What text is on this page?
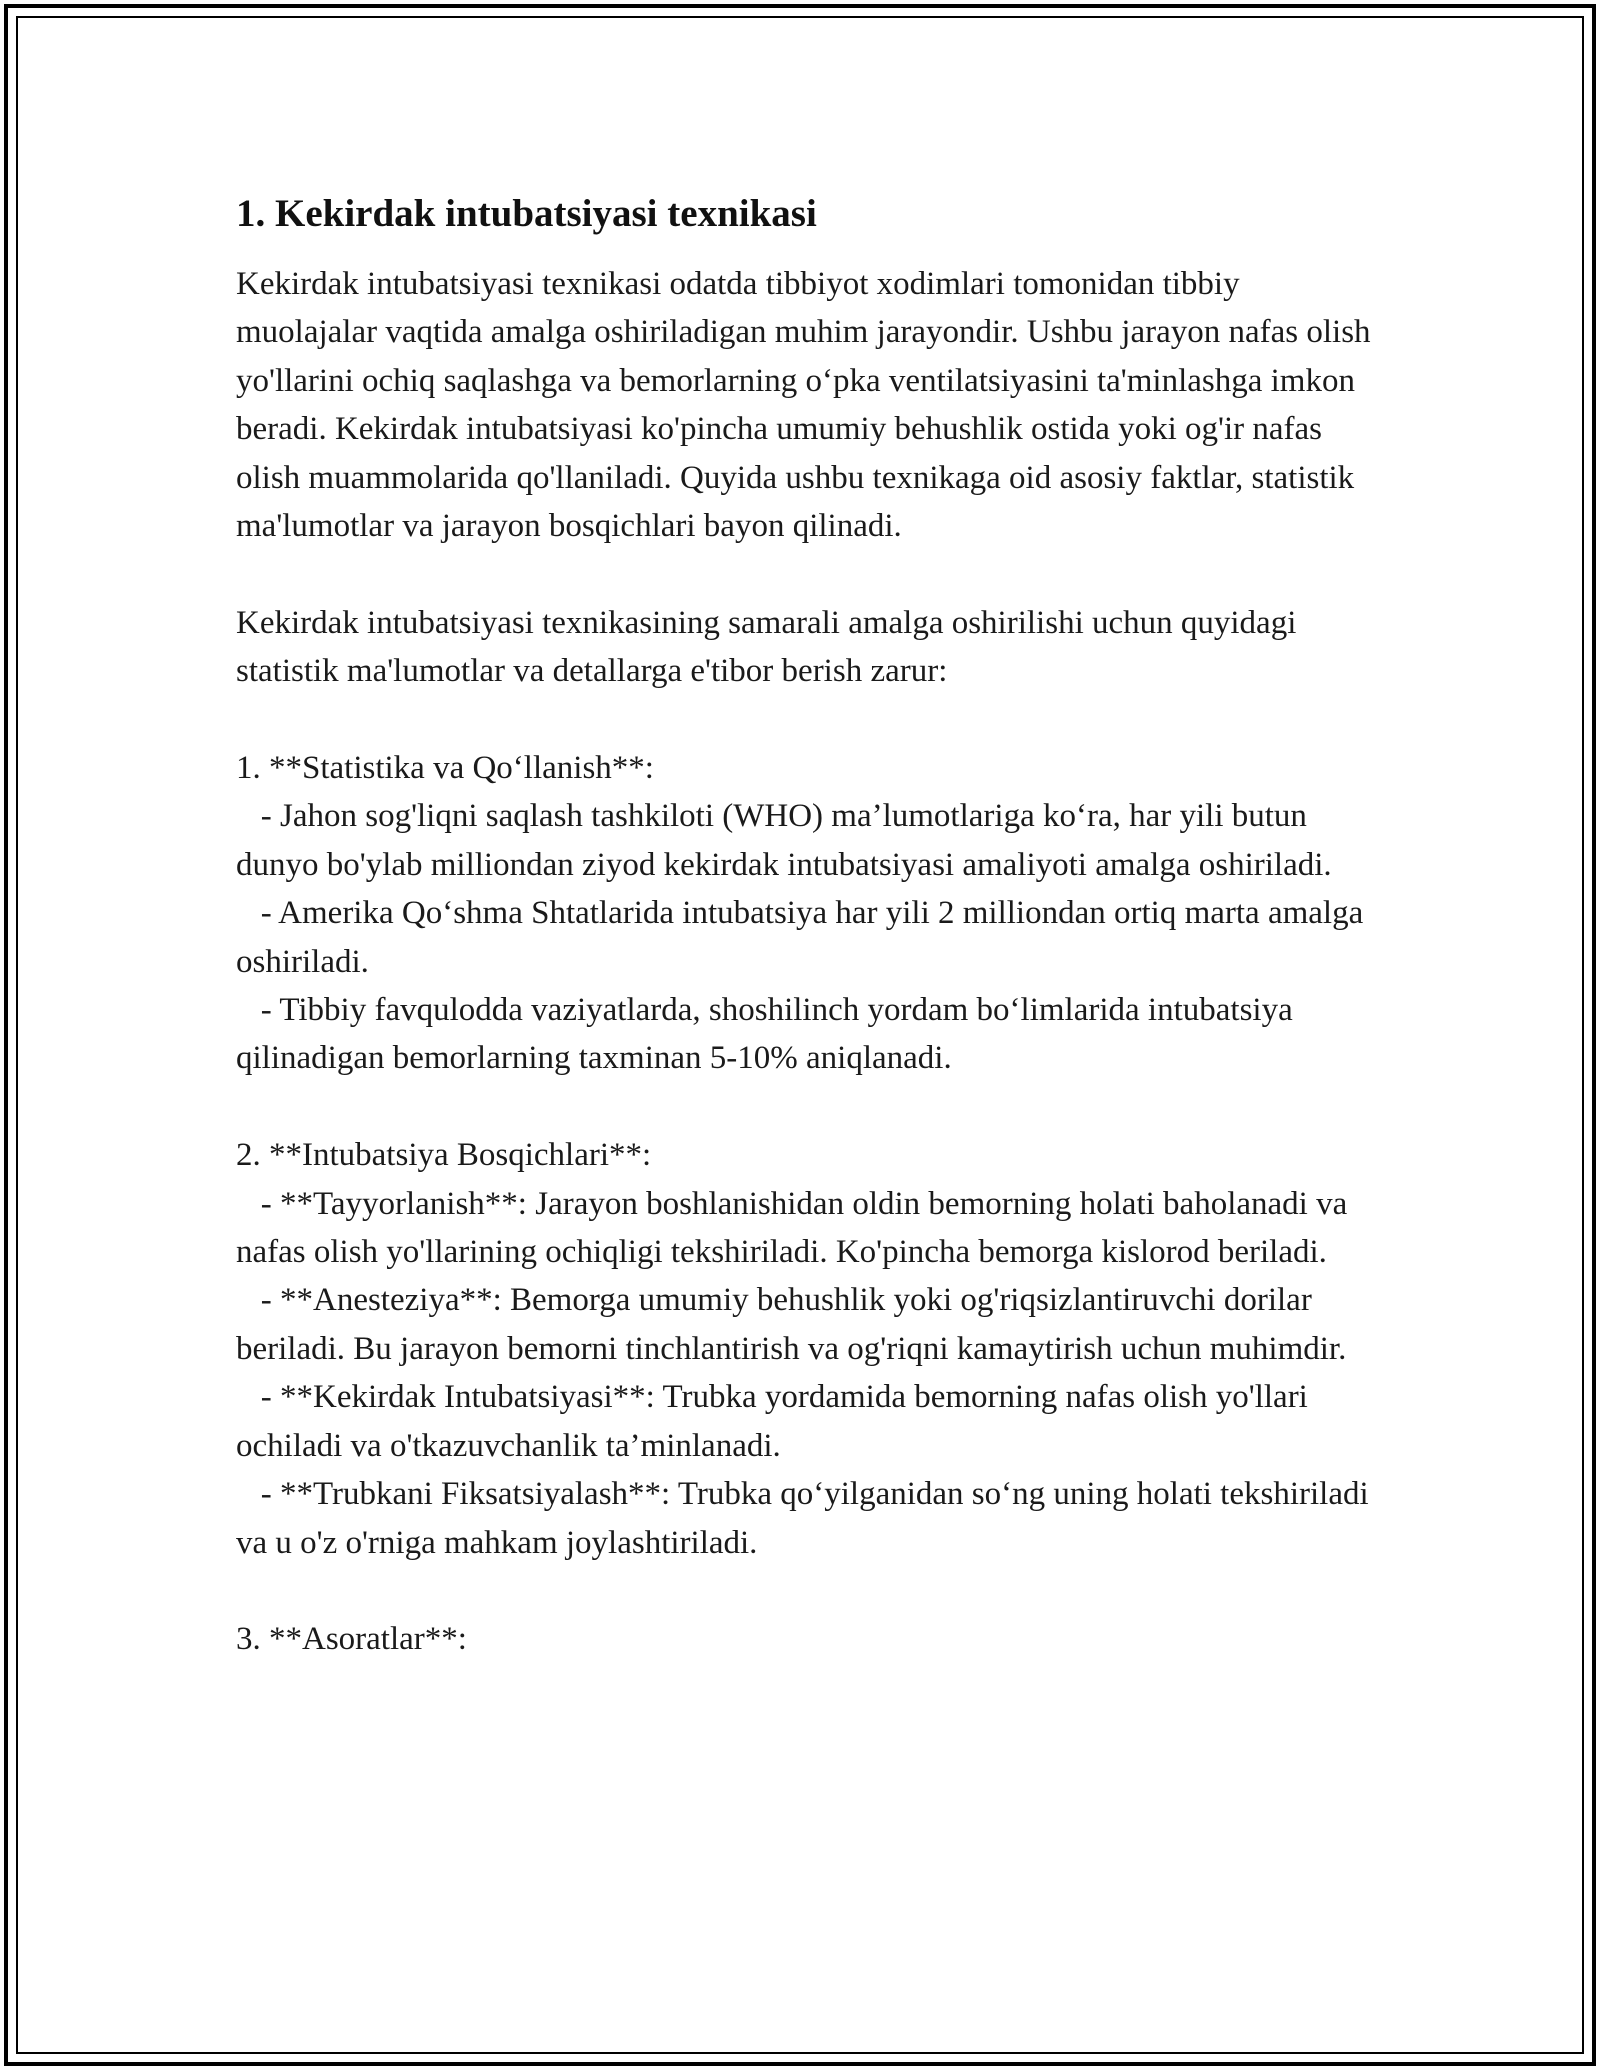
1. Kekirdak intubatsiyasi texnikasi

Kekirdak intubatsiyasi texnikasi odatda tibbiyot xodimlari tomonidan tibbiy muolajalar vaqtida amalga oshiriladigan muhim jarayondir. Ushbu jarayon nafas olish yo'llarini ochiq saqlashga va bemorlarning o‘pka ventilatsiyasini ta'minlashga imkon beradi. Kekirdak intubatsiyasi ko'pincha umumiy behushlik ostida yoki og'ir nafas olish muammolarida qo'llaniladi. Quyida ushbu texnikaga oid asosiy faktlar, statistik ma'lumotlar va jarayon bosqichlari bayon qilinadi.

Kekirdak intubatsiyasi texnikasining samarali amalga oshirilishi uchun quyidagi statistik ma'lumotlar va detallarga e'tibor berish zarur:

1. **Statistika va Qo‘llanish**:

- Jahon sog'liqni saqlash tashkiloti (WHO) ma’lumotlariga ko‘ra, har yili butun dunyo bo'ylab milliondan ziyod kekirdak intubatsiyasi amaliyoti amalga oshiriladi.

- Amerika Qo‘shma Shtatlarida intubatsiya har yili 2 milliondan ortiq marta amalga oshiriladi.

- Tibbiy favqulodda vaziyatlarda, shoshilinch yordam bo‘limlarida intubatsiya qilinadigan bemorlarning taxminan 5-10% aniqlanadi.

2. **Intubatsiya Bosqichlari**:

- **Tayyorlanish**: Jarayon boshlanishidan oldin bemorning holati baholanadi va nafas olish yo'llarining ochiqligi tekshiriladi. Ko'pincha bemorga kislorod beriladi.

- **Anesteziya**: Bemorga umumiy behushlik yoki og'riqsizlantiruvchi dorilar beriladi. Bu jarayon bemorni tinchlantirish va og'riqni kamaytirish uchun muhimdir.

- **Kekirdak Intubatsiyasi**: Trubka yordamida bemorning nafas olish yo'llari ochiladi va o'tkazuvchanlik ta’minlanadi.

- **Trubkani Fiksatsiyalash**: Trubka qo‘yilganidan so‘ng uning holati tekshiriladi va u o'z o'rniga mahkam joylashtiriladi.

3. **Asoratlar**:
